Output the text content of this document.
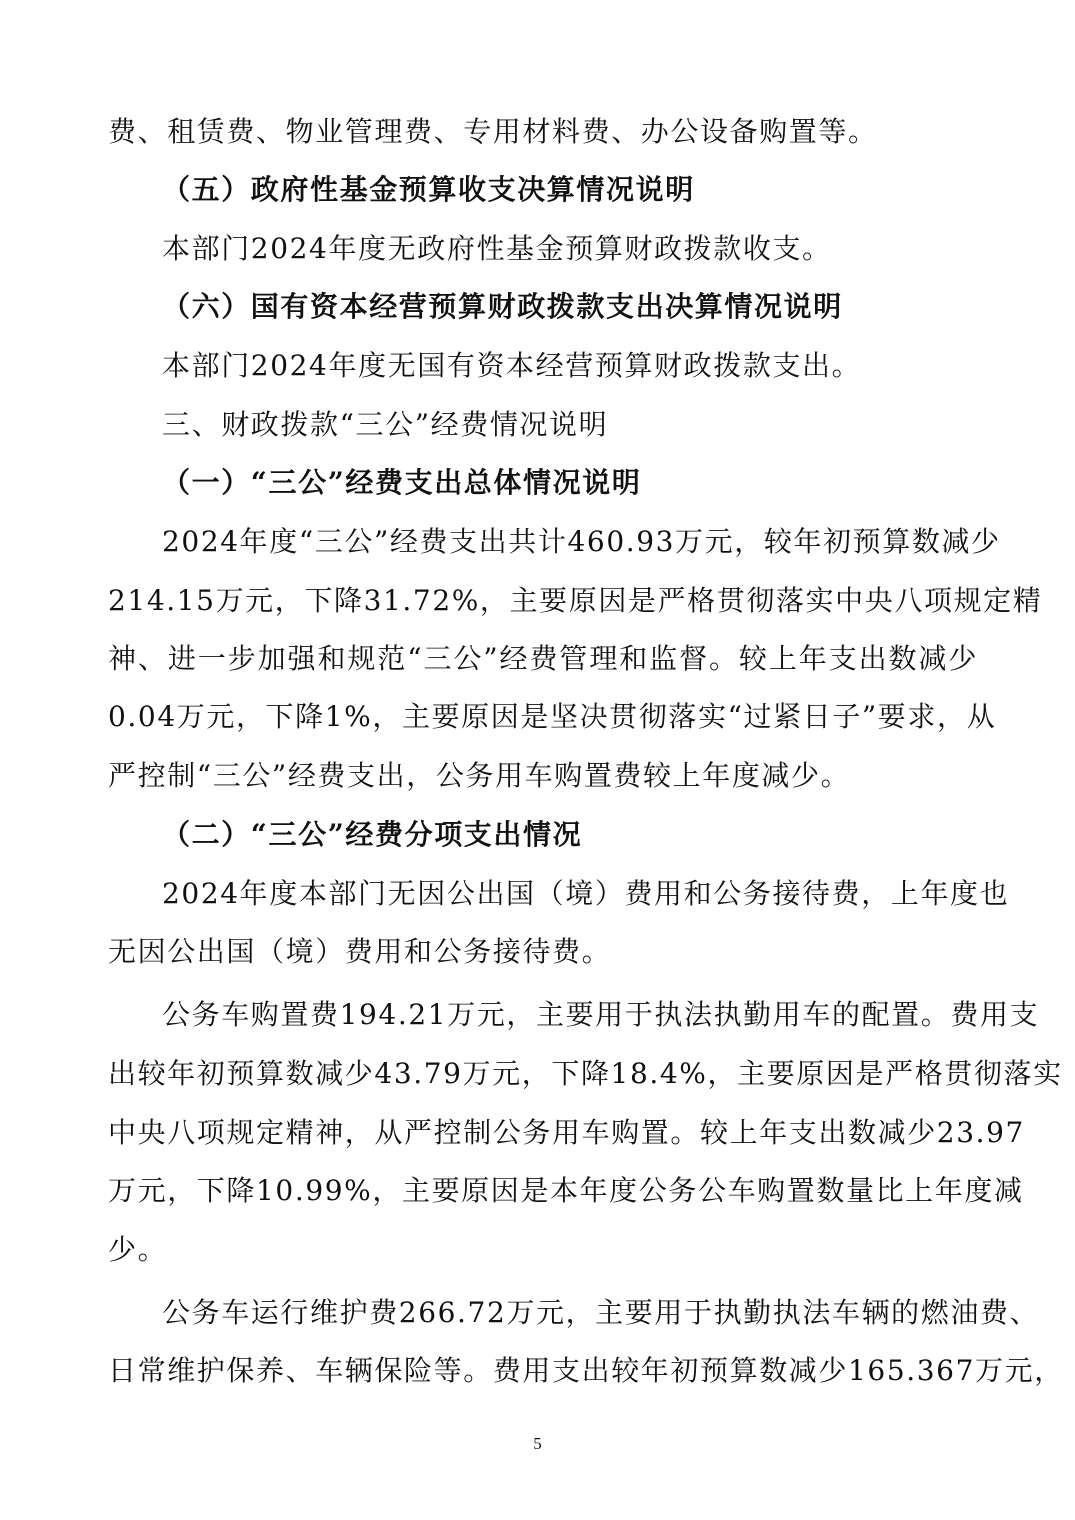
费、租赁费、物业管理费、专用材料费、办公设备购置等。
（五）政府性基金预算收支决算情况说明
本部门2024年度无政府性基金预算财政拨款收支。
（六）国有资本经营预算财政拨款支出决算情况说明
本部门2024年度无国有资本经营预算财政拨款支出。
三、财政拨款“三公”经费情况说明
（一）“三公”经费支出总体情况说明
2024年度“三公”经费支出共计460.93万元，较年初预算数减少
214.15万元，下降31.72%，主要原因是严格贯彻落实中央八项规定精
神、进一步加强和规范“三公”经费管理和监督。较上年支出数减少
0.04万元，下降1%，主要原因是坚决贯彻落实“过紧日子”要求，从
严控制“三公”经费支出，公务用车购置费较上年度减少。
（二）“三公”经费分项支出情况
2024年度本部门无因公出国（境）费用和公务接待费，上年度也
无因公出国（境）费用和公务接待费。
公务车购置费194.21万元，主要用于执法执勤用车的配置。费用支
出较年初预算数减少43.79万元，下降18.4%，主要原因是严格贯彻落实
中央八项规定精神，从严控制公务用车购置。较上年支出数减少23.97
万元，下降10.99%，主要原因是本年度公务公车购置数量比上年度减
少。
公务车运行维护费266.72万元，主要用于执勤执法车辆的燃油费、
日常维护保养、车辆保险等。费用支出较年初预算数减少165.367万元，
5
